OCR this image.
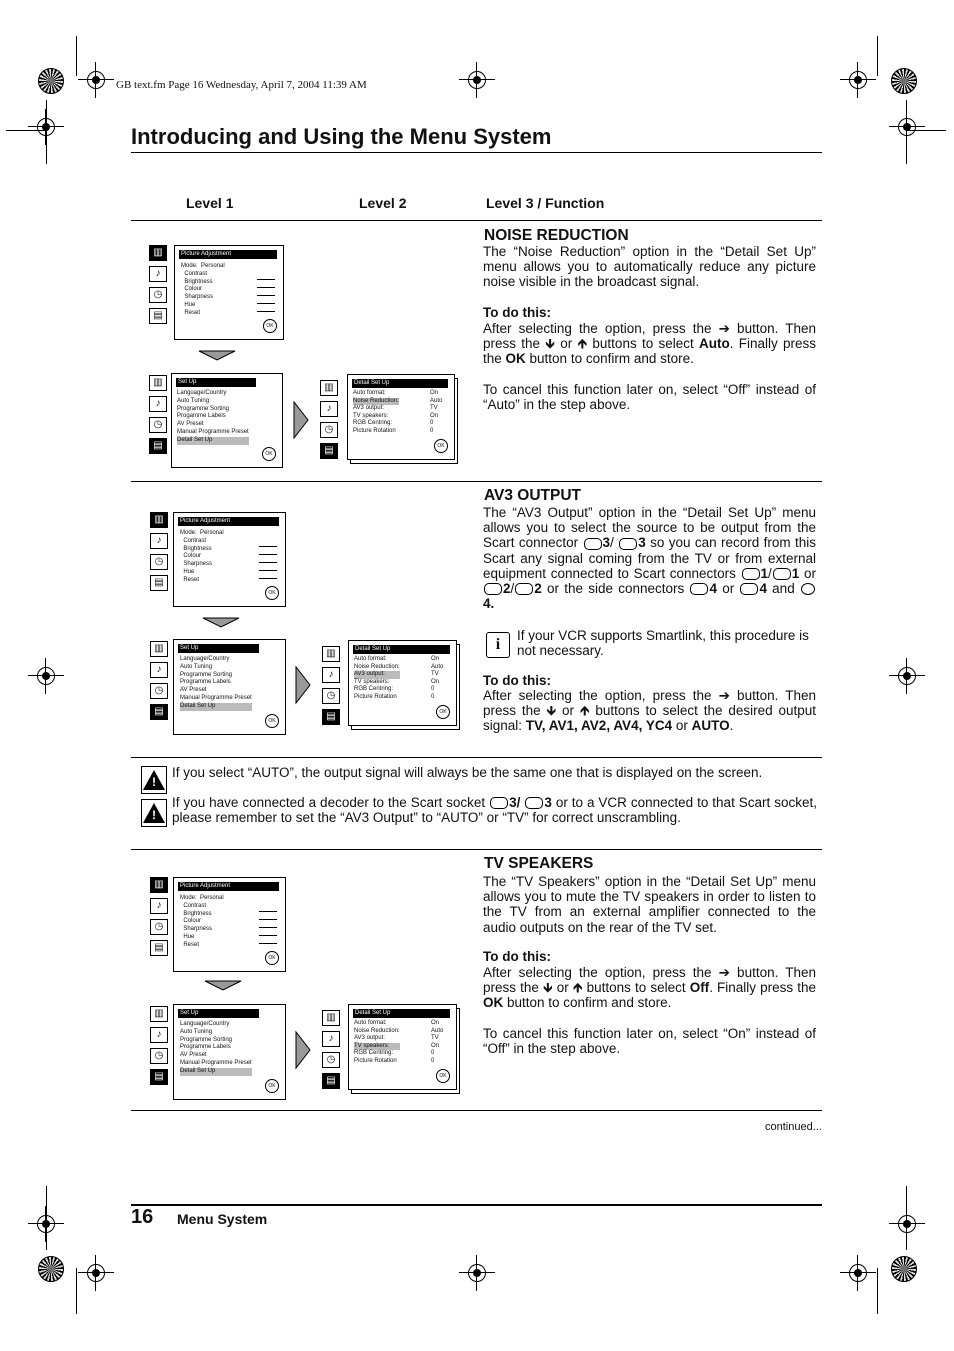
GB text.fm Page 16 Wednesday, April 7, 2004 11:39 AM
Introducing and Using the Menu System
Level 1	Level 2	Level 3 / Function
▥
♪
◷
▤
Picture Adjustment
Mode:  Personal
Contrast
Brightness
Colour
Sharpness
Hue
Reset
OK
▥
♪
◷
▤
Set Up
Language/Country
Auto Tuning
Programme Sorting
Progamme Labels
AV Preset
Manual Programme Preset
Detail Set Up
OK
▥
♪
◷
▤
Detail Set Up
Auto format:
Noise Reduction:
AV3 output:
TV speakers:
RGB Centring:
Picture Rotation
On
Auto
TV
On
0
0
OK
NOISE REDUCTION
The “Noise Reduction” option in the “Detail Set Up” menu allows you to automatically reduce any picture noise visible in the broadcast signal.
To do this:
After selecting the option, press the ➔ button. Then press the 🡻 or 🡹 buttons to select Auto. Finally press the OK button to confirm and store.
To cancel this function later on, select “Off” instead of “Auto” in the step above.
▥
♪
◷
▤
Picture Adjustment
Mode:  Personal
Contrast
Brightness
Colour
Sharpness
Hue
Reset
OK
▥
♪
◷
▤
Set Up
Language/Country
Auto Tuning
Programme Sorting
Programme Labels
AV Preset
Manual Programme Preset
Detail Set Up
OK
▥
♪
◷
▤
Detail Set Up
Auto format:
Noise Reduction:
AV3 output:
TV speakers:
RGB Centring:
Picture Rotation
On
Auto
TV
On
0
0
OK
AV3 OUTPUT
The “AV3 Output” option in the “Detail Set Up” menu allows you to select the source to be output from the Scart connector 3/ 3 so you can record from this Scart any signal coming from the TV or from external equipment connected to Scart connectors 1/ 1 or 2/ 2 or the side connectors 4 or 4 and  4.
i
If your VCR supports Smartlink, this procedure is not necessary.
To do this:
After selecting the option, press the ➔ button. Then press the 🡻 or 🡹 buttons to select the desired output signal: TV, AV1, AV2, AV4, YC4 or AUTO.
!
If you select “AUTO”, the output signal will always be the same one that is displayed on the screen.
!
If you have connected a decoder to the Scart socket 3/ 3 or to a VCR connected to that Scart socket, please remember to set the “AV3 Output” to “AUTO” or “TV” for correct unscrambling.
▥
♪
◷
▤
Picture Adjustment
Mode:  Personal
Contrast
Brightness
Colour
Sharpness
Hue
Reset
OK
▥
♪
◷
▤
Set Up
Language/Country
Auto Tuning
Programme Sorting
Programme Labels
AV Preset
Manual Programme Preset
Detail Set Up
OK
▥
♪
◷
▤
Detail Set Up
Auto format:
Noise Reduction:
AV3 output:
TV speakers:
RGB Centring:
Picture Rotation
On
Auto
TV
On
0
0
OK
TV SPEAKERS
The “TV Speakers” option in the “Detail Set Up” menu allows you to mute the TV speakers in order to listen to the TV from an external amplifier connected to the audio outputs on the rear of the TV set.
To do this:
After selecting the option, press the ➔ button. Then press the 🡻 or 🡹 buttons to select Off. Finally press the OK button to confirm and store.
To cancel this function later on, select “On” instead of “Off” in the step above.
continued...
16 Menu System
